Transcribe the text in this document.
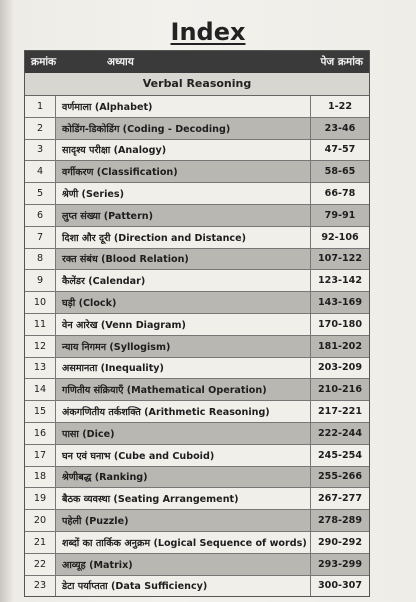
Index
क्रमांक	अध्याय	पेज क्रमांक
Verbal Reasoning
1	वर्णमाला (Alphabet)	1-22
2	कोडिंग-डिकोडिंग (Coding - Decoding)	23-46
3	सादृश्य परीक्षा (Analogy)	47-57
4	वर्गीकरण (Classification)	58-65
5	श्रेणी (Series)	66-78
6	लुप्त संख्या (Pattern)	79-91
7	दिशा और दूरी (Direction and Distance)	92-106
8	रक्त संबंध (Blood Relation)	107-122
9	कैलेंडर (Calendar)	123-142
10	घड़ी (Clock)	143-169
11	वेन आरेख (Venn Diagram)	170-180
12	न्याय निगमन (Syllogism)	181-202
13	असमानता (Inequality)	203-209
14	गणितीय संक्रियाएँ (Mathematical Operation)	210-216
15	अंकगणितीय तर्कशक्ति (Arithmetic Reasoning)	217-221
16	पासा (Dice)	222-244
17	घन एवं घनाभ (Cube and Cuboid)	245-254
18	श्रेणीबद्ध (Ranking)	255-266
19	बैठक व्यवस्था (Seating Arrangement)	267-277
20	पहेली (Puzzle)	278-289
21	शब्दों का तार्किक अनुक्रम (Logical Sequence of words)	290-292
22	आव्यूह (Matrix)	293-299
23	डेटा पर्याप्तता (Data Sufficiency)	300-307
